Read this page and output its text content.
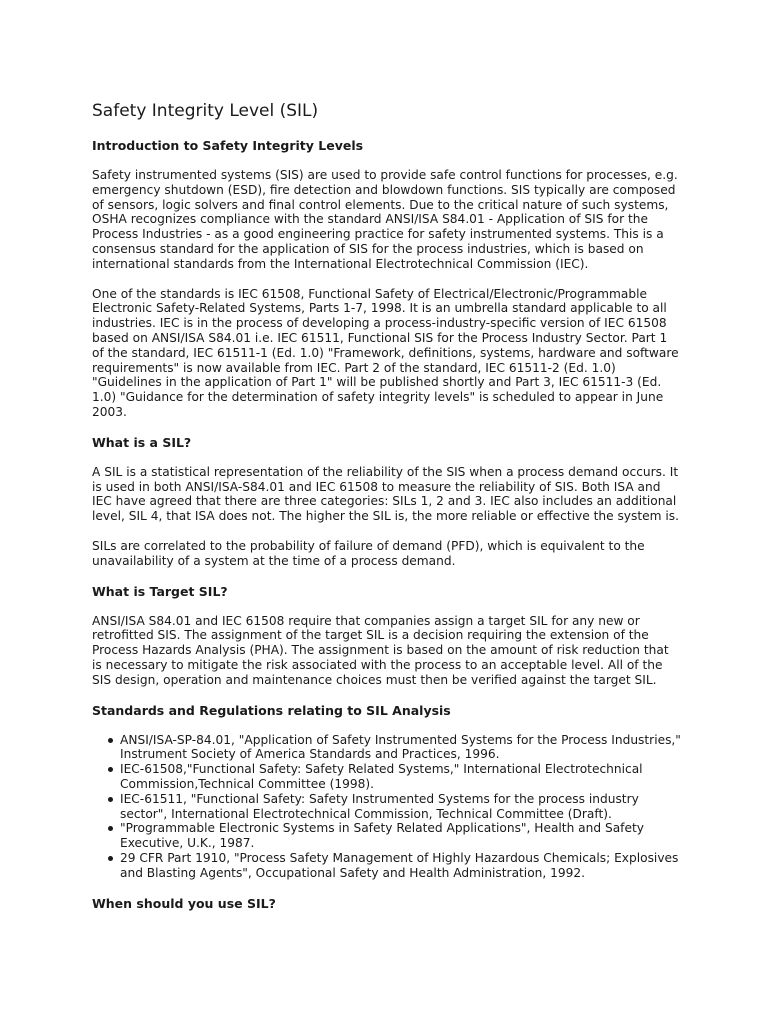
Safety Integrity Level (SIL)
Introduction to Safety Integrity Levels

Safety instrumented systems (SIS) are used to provide safe control functions for processes, e.g. emergency shutdown (ESD), fire detection and blowdown functions. SIS typically are composed of sensors, logic solvers and final control elements. Due to the critical nature of such systems, OSHA recognizes compliance with the standard ANSI/ISA S84.01 - Application of SIS for the Process Industries - as a good engineering practice for safety instrumented systems. This is a consensus standard for the application of SIS for the process industries, which is based on international standards from the International Electrotechnical Commission (IEC).

One of the standards is IEC 61508, Functional Safety of Electrical/Electronic/Programmable Electronic Safety-Related Systems, Parts 1-7, 1998. It is an umbrella standard applicable to all industries. IEC is in the process of developing a process-industry-specific version of IEC 61508 based on ANSI/ISA S84.01 i.e. IEC 61511, Functional SIS for the Process Industry Sector. Part 1 of the standard, IEC 61511-1 (Ed. 1.0) "Framework, definitions, systems, hardware and software requirements" is now available from IEC. Part 2 of the standard, IEC 61511-2 (Ed. 1.0) "Guidelines in the application of Part 1" will be published shortly and Part 3, IEC 61511-3 (Ed. 1.0) "Guidance for the determination of safety integrity levels" is scheduled to appear in June 2003.

What is a SIL?

A SIL is a statistical representation of the reliability of the SIS when a process demand occurs. It is used in both ANSI/ISA-S84.01 and IEC 61508 to measure the reliability of SIS. Both ISA and IEC have agreed that there are three categories: SILs 1, 2 and 3. IEC also includes an additional level, SIL 4, that ISA does not. The higher the SIL is, the more reliable or effective the system is.

SILs are correlated to the probability of failure of demand (PFD), which is equivalent to the unavailability of a system at the time of a process demand.

What is Target SIL?

ANSI/ISA S84.01 and IEC 61508 require that companies assign a target SIL for any new or retrofitted SIS. The assignment of the target SIL is a decision requiring the extension of the Process Hazards Analysis (PHA). The assignment is based on the amount of risk reduction that is necessary to mitigate the risk associated with the process to an acceptable level. All of the SIS design, operation and maintenance choices must then be verified against the target SIL.

Standards and Regulations relating to SIL Analysis
ANSI/ISA-SP-84.01, "Application of Safety Instrumented Systems for the Process Industries," Instrument Society of America Standards and Practices, 1996.
IEC-61508,"Functional Safety: Safety Related Systems," International Electrotechnical Commission,Technical Committee (1998).
IEC-61511, "Functional Safety: Safety Instrumented Systems for the process industry sector", International Electrotechnical Commission, Technical Committee (Draft).
"Programmable Electronic Systems in Safety Related Applications", Health and Safety Executive, U.K., 1987.
29 CFR Part 1910, "Process Safety Management of Highly Hazardous Chemicals; Explosives and Blasting Agents", Occupational Safety and Health Administration, 1992.
When should you use SIL?
